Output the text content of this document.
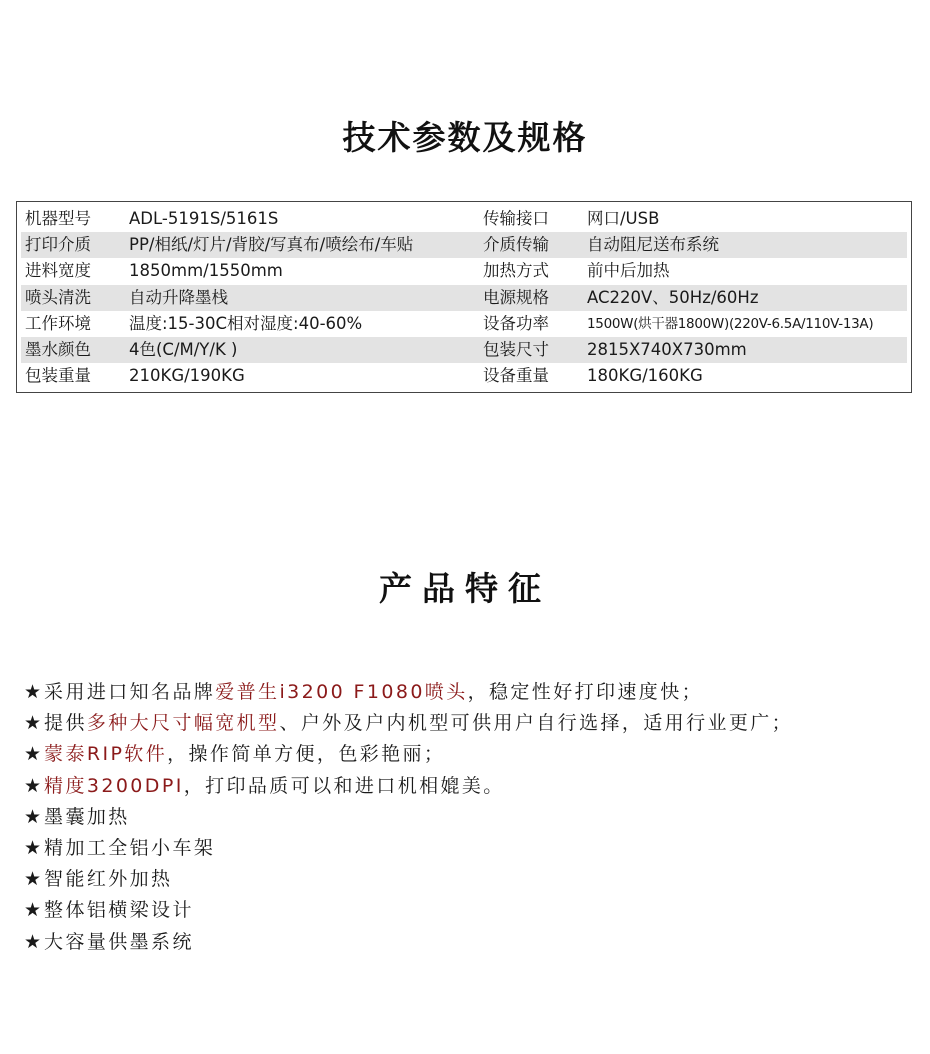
技术参数及规格
机器型号 ADL-5191S/5161S	传输接口 网口/USB
打印介质 PP/相纸/灯片/背胶/写真布/喷绘布/车贴	介质传输 自动阻尼送布系统
进料宽度 1850mm/1550mm	加热方式 前中后加热
喷头清洗 自动升降墨栈	电源规格 AC220V、50Hz/60Hz
工作环境 温度:15-30C相对湿度:40-60%	设备功率	1500W(烘干器1800W)(220V-6.5A/110V-13A)
墨水颜色 4色(C/M/Y/K )	包装尺寸 2815X740X730mm
包装重量 210KG/190KG	设备重量 180KG/160KG
产品特征
★ 采用进口知名品牌爱普生i3200 F1080喷头，稳定性好打印速度快；
★ 提供多种大尺寸幅宽机型、户外及户内机型可供用户自行选择，适用行业更广；
★ 蒙泰RIP软件，操作简单方便，色彩艳丽；
★ 精度3200DPI，打印品质可以和进口机相媲美。
★ 墨囊加热
★ 精加工全铝小车架
★ 智能红外加热
★ 整体铝横梁设计
★ 大容量供墨系统
